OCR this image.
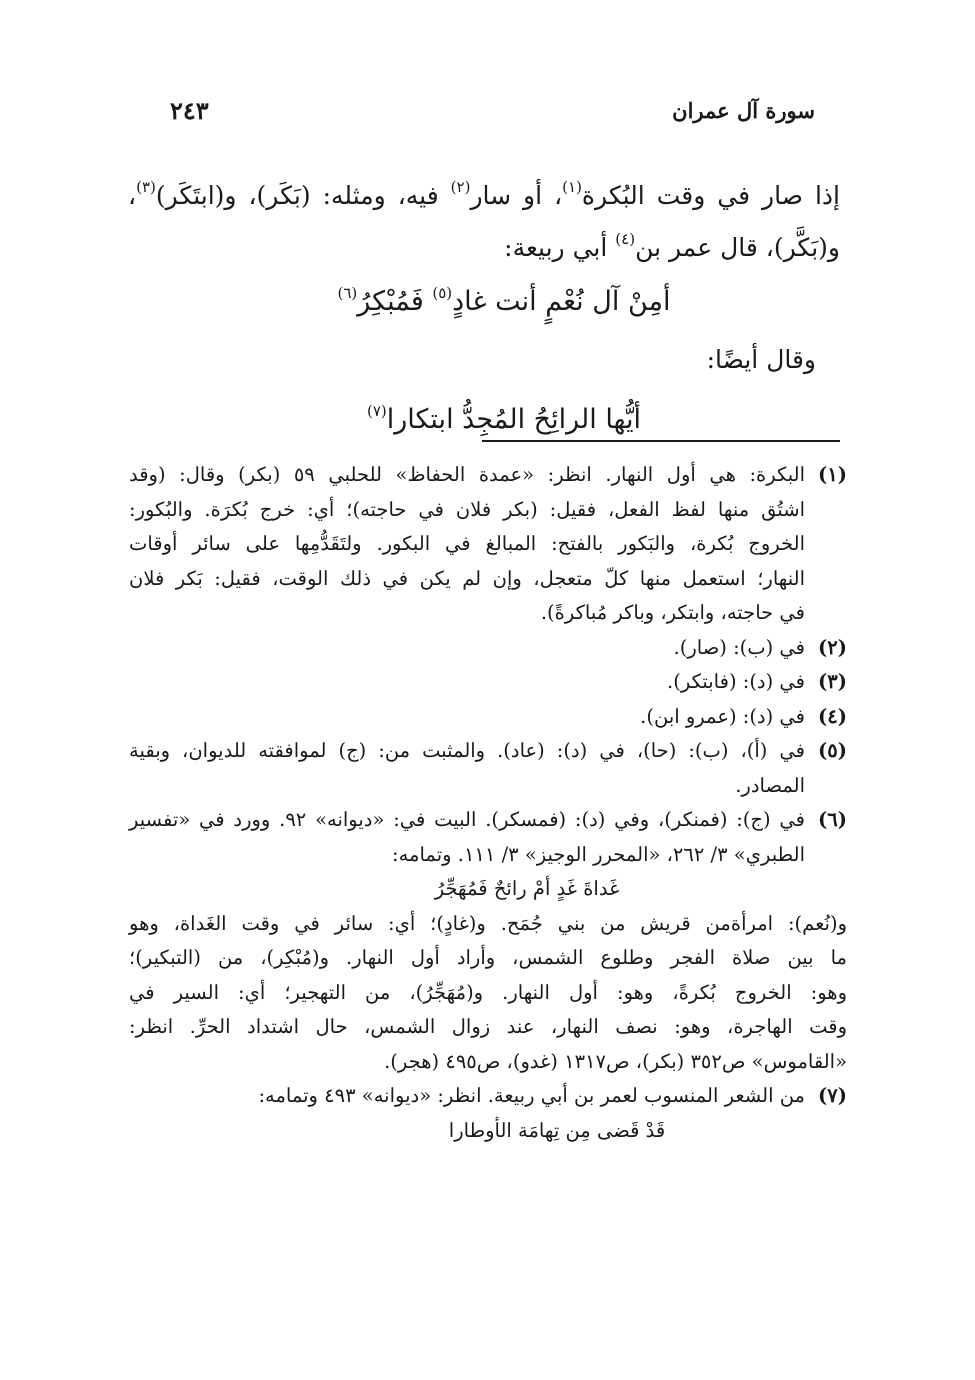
سورة آل عمران
٢٤٣
إذا صار في وقت البُكرة$^{(١)}$، أو سار$^{(٢)}$ فيه، ومثله: (بَكَر)، و(ابتَكَر)$^{(٣)}$،
و(بَكَّر)، قال عمر بن$^{(٤)}$ أبي ربيعة:
أمِنْ آل نُعْمٍ أنت غادٍ$^{(٥)}$ فَمُبْكِرُ$^{(٦)}$
وقال أيضًا:
أيُّها الرائِحُ المُجِدُّ ابتكارا$^{(٧)}$
(١)
البكرة: هي أول النهار. انظر: «عمدة الحفاظ» للحلبي ٥٩ (بكر) وقال: (وقد
اشتُق منها لفظ الفعل، فقيل: (بكر فلان في حاجته)؛ أي: خرج بُكرَة. والبُكور:
الخروج بُكرة، والبَكور بالفتح: المبالغ في البكور. ولتَقَدُّمِها على سائر أوقات
النهار؛ استعمل منها كلّ متعجل، وإن لم يكن في ذلك الوقت، فقيل: بَكر فلان
في حاجته، وابتكر، وباكر مُباكرةً).
(٢)
في (ب): (صار).
(٣)
في (د): (فابتكر).
(٤)
في (د): (عمرو ابن).
(٥)
في (أ)، (ب): (حا)، في (د): (عاد). والمثبت من: (ج) لموافقته للديوان، وبقية
المصادر.
(٦)
في (ج): (فمنكر)، وفي (د): (فمسكر). البيت في: «ديوانه» ٩٢. وورد في «تفسير
الطبري» ٣/ ٢٦٢، «المحرر الوجيز» ٣/ ١١١. وتمامه:
غَداةَ غَدٍ أمْ رائحٌ فَمُهَجِّرُ
و(نُعم): امرأةمن قريش من بني جُمَح. و(غادٍ)؛ أي: سائر في وقت الغَداة، وهو
ما بين صلاة الفجر وطلوع الشمس، وأراد أول النهار. و(مُبْكِر)، من (التبكير)؛
وهو: الخروج بُكرةً، وهو: أول النهار. و(مُهَجِّرُ)، من التهجير؛ أي: السير في
وقت الهاجرة، وهو: نصف النهار، عند زوال الشمس، حال اشتداد الحرِّ. انظر:
«القاموس» ص٣٥٢ (بكر)، ص١٣١٧ (غدو)، ص٤٩٥ (هجر).
(٧)
من الشعر المنسوب لعمر بن أبي ربيعة. انظر: «ديوانه» ٤٩٣ وتمامه:
قَدْ قَضى مِن تِهامَة الأوطارا
